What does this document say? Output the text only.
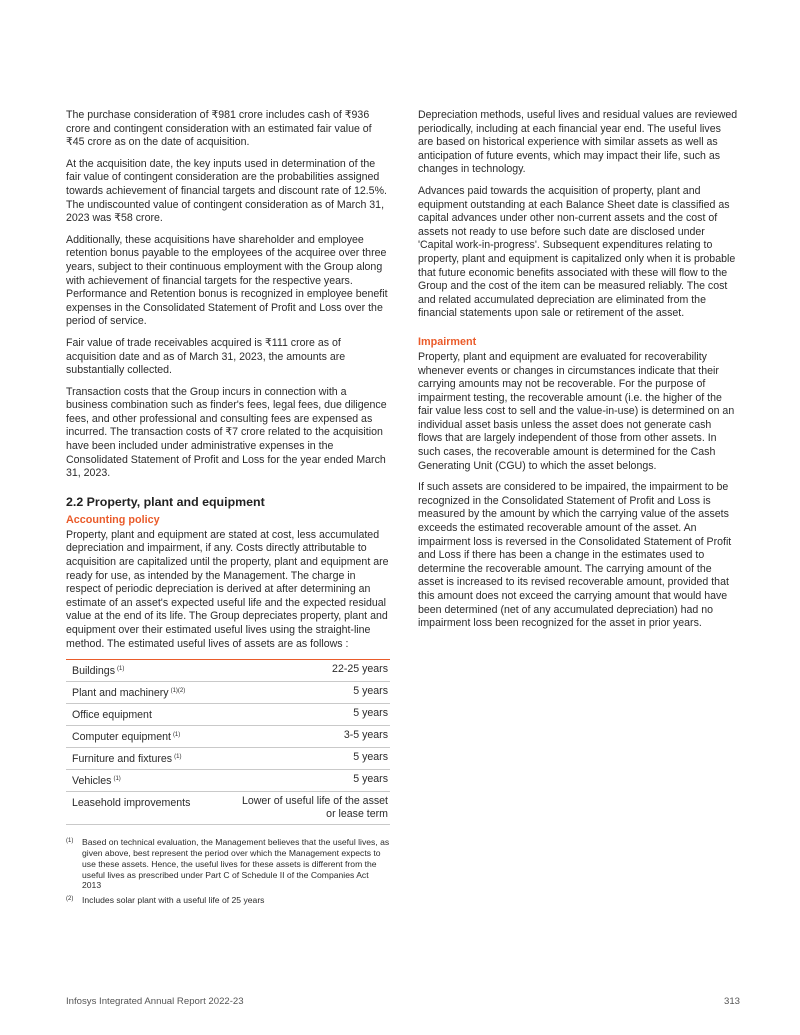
The purchase consideration of ₹981 crore includes cash of ₹936 crore and contingent consideration with an estimated fair value of ₹45 crore as on the date of acquisition.

At the acquisition date, the key inputs used in determination of the fair value of contingent consideration are the probabilities assigned towards achievement of financial targets and discount rate of 12.5%. The undiscounted value of contingent consideration as of March 31, 2023 was ₹58 crore.

Additionally, these acquisitions have shareholder and employee retention bonus payable to the employees of the acquiree over three years, subject to their continuous employment with the Group along with achievement of financial targets for the respective years. Performance and Retention bonus is recognized in employee benefit expenses in the Consolidated Statement of Profit and Loss over the period of service.

Fair value of trade receivables acquired is ₹111 crore as of acquisition date and as of March 31, 2023, the amounts are substantially collected.

Transaction costs that the Group incurs in connection with a business combination such as finder's fees, legal fees, due diligence fees, and other professional and consulting fees are expensed as incurred. The transaction costs of ₹7 crore related to the acquisition have been included under administrative expenses in the Consolidated Statement of Profit and Loss for the year ended March 31, 2023.

2.2 Property, plant and equipment
Accounting policy

Property, plant and equipment are stated at cost, less accumulated depreciation and impairment, if any. Costs directly attributable to acquisition are capitalized until the property, plant and equipment are ready for use, as intended by the Management. The charge in respect of periodic depreciation is derived at after determining an estimate of an asset's expected useful life and the expected residual value at the end of its life. The Group depreciates property, plant and equipment over their estimated useful lives using the straight-line method. The estimated useful lives of assets are as follows :

Buildings $^{(1)}$	22-25 years
Plant and machinery $^{(1)(2)}$	5 years
Office equipment	5 years
Computer equipment $^{(1)}$	3-5 years
Furniture and fixtures $^{(1)}$	5 years
Vehicles $^{(1)}$	5 years
Leasehold improvements	Lower of useful life of the asset or lease term
(1)	Based on technical evaluation, the Management believes that the useful lives, as given above, best represent the period over which the Management expects to use these assets. Hence, the useful lives for these assets is different from the useful lives as prescribed under Part C of Schedule II of the Companies Act 2013
(2)	Includes solar plant with a useful life of 25 years

Depreciation methods, useful lives and residual values are reviewed periodically, including at each financial year end. The useful lives are based on historical experience with similar assets as well as anticipation of future events, which may impact their life, such as changes in technology.

Advances paid towards the acquisition of property, plant and equipment outstanding at each Balance Sheet date is classified as capital advances under other non-current assets and the cost of assets not ready to use before such date are disclosed under 'Capital work-in-progress'. Subsequent expenditures relating to property, plant and equipment is capitalized only when it is probable that future economic benefits associated with these will flow to the Group and the cost of the item can be measured reliably. The cost and related accumulated depreciation are eliminated from the financial statements upon sale or retirement of the asset.

Impairment

Property, plant and equipment are evaluated for recoverability whenever events or changes in circumstances indicate that their carrying amounts may not be recoverable. For the purpose of impairment testing, the recoverable amount (i.e. the higher of the fair value less cost to sell and the value-in-use) is determined on an individual asset basis unless the asset does not generate cash flows that are largely independent of those from other assets. In such cases, the recoverable amount is determined for the Cash Generating Unit (CGU) to which the asset belongs.

If such assets are considered to be impaired, the impairment to be recognized in the Consolidated Statement of Profit and Loss is measured by the amount by which the carrying value of the assets exceeds the estimated recoverable amount of the asset. An impairment loss is reversed in the Consolidated Statement of Profit and Loss if there has been a change in the estimates used to determine the recoverable amount. The carrying amount of the asset is increased to its revised recoverable amount, provided that this amount does not exceed the carrying amount that would have been determined (net of any accumulated depreciation) had no impairment loss been recognized for the asset in prior years.

Infosys Integrated Annual Report 2022-23	313
